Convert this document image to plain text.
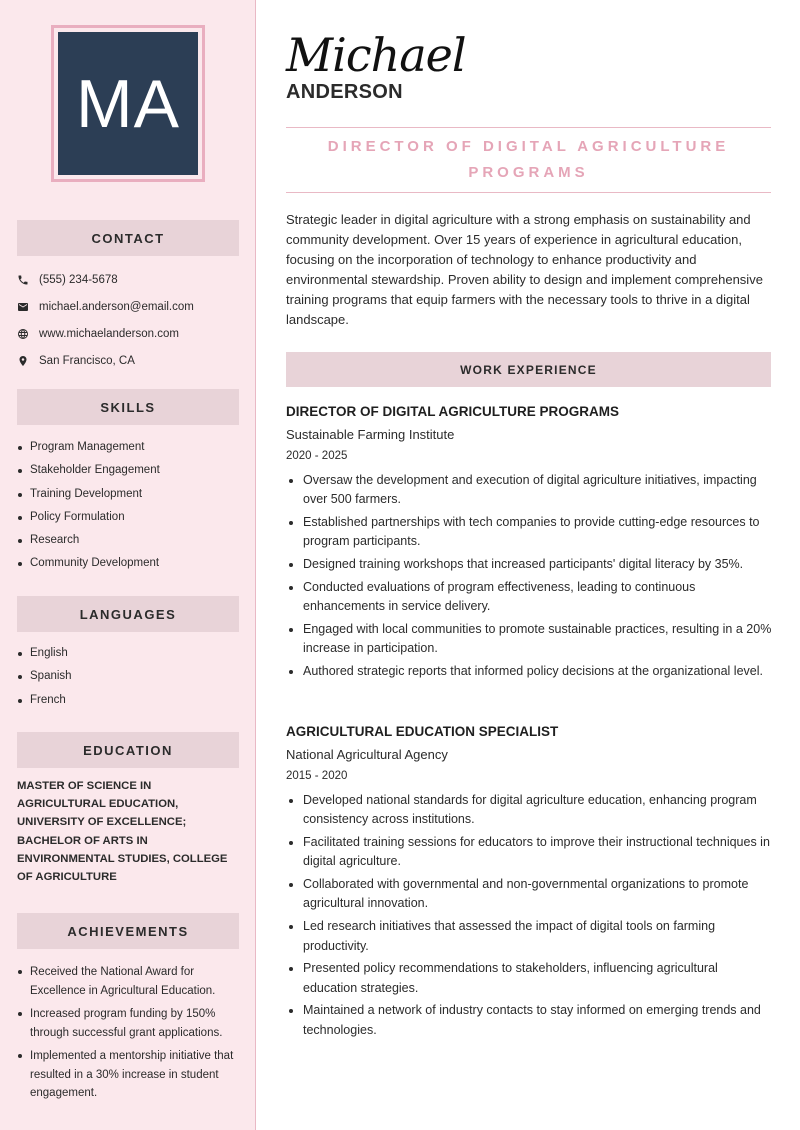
MA
CONTACT
(555) 234-5678
michael.anderson@email.com
www.michaelanderson.com
San Francisco, CA
SKILLS
Program Management
Stakeholder Engagement
Training Development
Policy Formulation
Research
Community Development
LANGUAGES
English
Spanish
French
EDUCATION
MASTER OF SCIENCE IN AGRICULTURAL EDUCATION, UNIVERSITY OF EXCELLENCE; BACHELOR OF ARTS IN ENVIRONMENTAL STUDIES, COLLEGE OF AGRICULTURE
ACHIEVEMENTS
Received the National Award for Excellence in Agricultural Education.
Increased program funding by 150% through successful grant applications.
Implemented a mentorship initiative that resulted in a 30% increase in student engagement.
Michael
ANDERSON
DIRECTOR OF DIGITAL AGRICULTURE PROGRAMS
Strategic leader in digital agriculture with a strong emphasis on sustainability and community development. Over 15 years of experience in agricultural education, focusing on the incorporation of technology to enhance productivity and environmental stewardship. Proven ability to design and implement comprehensive training programs that equip farmers with the necessary tools to thrive in a digital landscape.
WORK EXPERIENCE
DIRECTOR OF DIGITAL AGRICULTURE PROGRAMS
Sustainable Farming Institute
2020 - 2025
Oversaw the development and execution of digital agriculture initiatives, impacting over 500 farmers.
Established partnerships with tech companies to provide cutting-edge resources to program participants.
Designed training workshops that increased participants' digital literacy by 35%.
Conducted evaluations of program effectiveness, leading to continuous enhancements in service delivery.
Engaged with local communities to promote sustainable practices, resulting in a 20% increase in participation.
Authored strategic reports that informed policy decisions at the organizational level.
AGRICULTURAL EDUCATION SPECIALIST
National Agricultural Agency
2015 - 2020
Developed national standards for digital agriculture education, enhancing program consistency across institutions.
Facilitated training sessions for educators to improve their instructional techniques in digital agriculture.
Collaborated with governmental and non-governmental organizations to promote agricultural innovation.
Led research initiatives that assessed the impact of digital tools on farming productivity.
Presented policy recommendations to stakeholders, influencing agricultural education strategies.
Maintained a network of industry contacts to stay informed on emerging trends and technologies.
